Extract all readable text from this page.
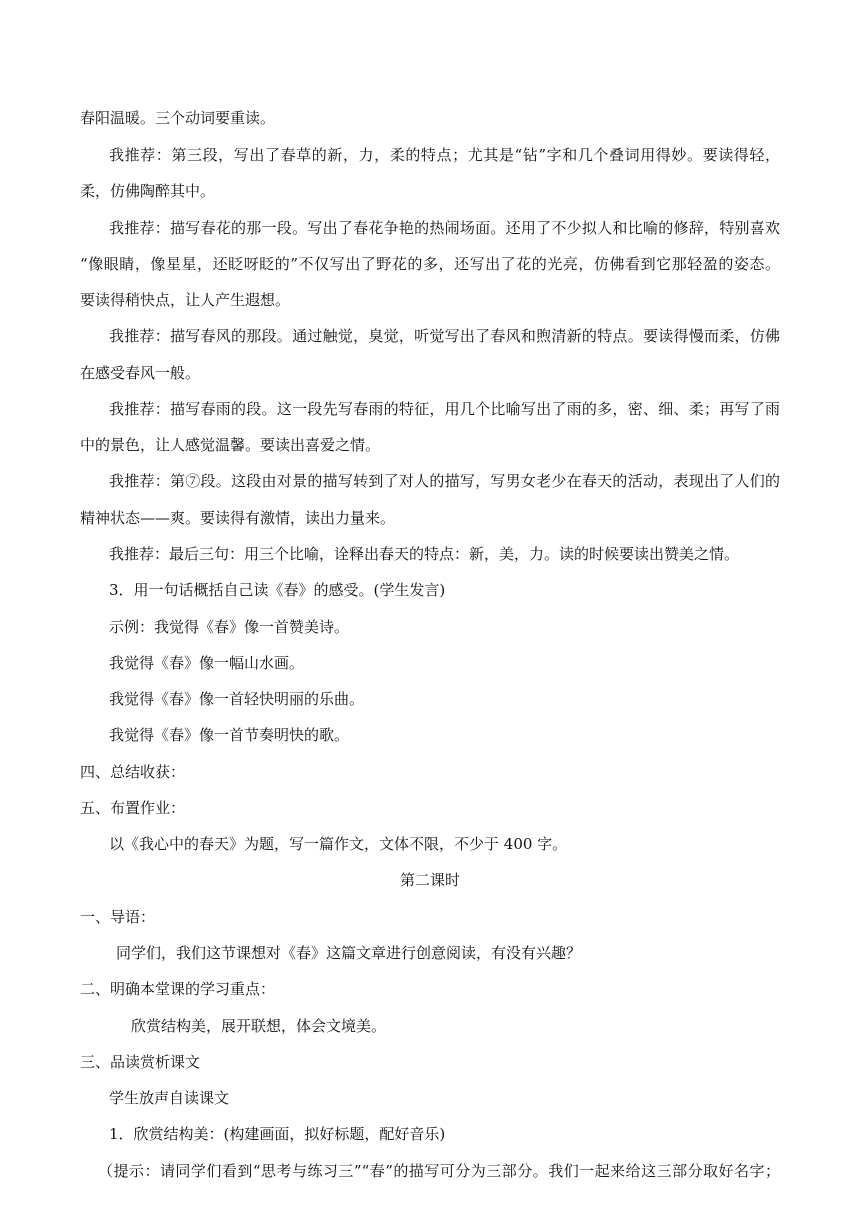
春阳温暖。三个动词要重读。
我推荐：第三段，写出了春草的新，力，柔的特点；尤其是“钻”字和几个叠词用得妙。要读得轻，
柔，仿佛陶醉其中。
我推荐：描写春花的那一段。写出了春花争艳的热闹场面。还用了不少拟人和比喻的修辞，特别喜欢
“像眼睛，像星星，还眨呀眨的”不仅写出了野花的多，还写出了花的光亮，仿佛看到它那轻盈的姿态。
要读得稍快点，让人产生遐想。
我推荐：描写春风的那段。通过触觉，臭觉，听觉写出了春风和煦清新的特点。要读得慢而柔，仿佛
在感受春风一般。
我推荐：描写春雨的段。这一段先写春雨的特征，用几个比喻写出了雨的多，密、细、柔；再写了雨
中的景色，让人感觉温馨。要读出喜爱之情。
我推荐：第⑦段。这段由对景的描写转到了对人的描写，写男女老少在春天的活动，表现出了人们的
精神状态——爽。要读得有激情，读出力量来。
我推荐：最后三句：用三个比喻，诠释出春天的特点：新，美，力。读的时候要读出赞美之情。
3．用一句话概括自己读《春》的感受。(学生发言)
示例：我觉得《春》像一首赞美诗。
我觉得《春》像一幅山水画。
我觉得《春》像一首轻快明丽的乐曲。
我觉得《春》像一首节奏明快的歌。
四、总结收获：
五、布置作业：
以《我心中的春天》为题，写一篇作文，文体不限，不少于 400 字。
第二课时
一、导语：
同学们，我们这节课想对《春》这篇文章进行创意阅读，有没有兴趣？
二、明确本堂课的学习重点：
欣赏结构美，展开联想，体会文境美。
三、品读赏析课文
学生放声自读课文
1．欣赏结构美：(构建画面，拟好标题，配好音乐)
（提示：请同学们看到“思考与练习三”“春”的描写可分为三部分。我们一起来给这三部分取好名字；
